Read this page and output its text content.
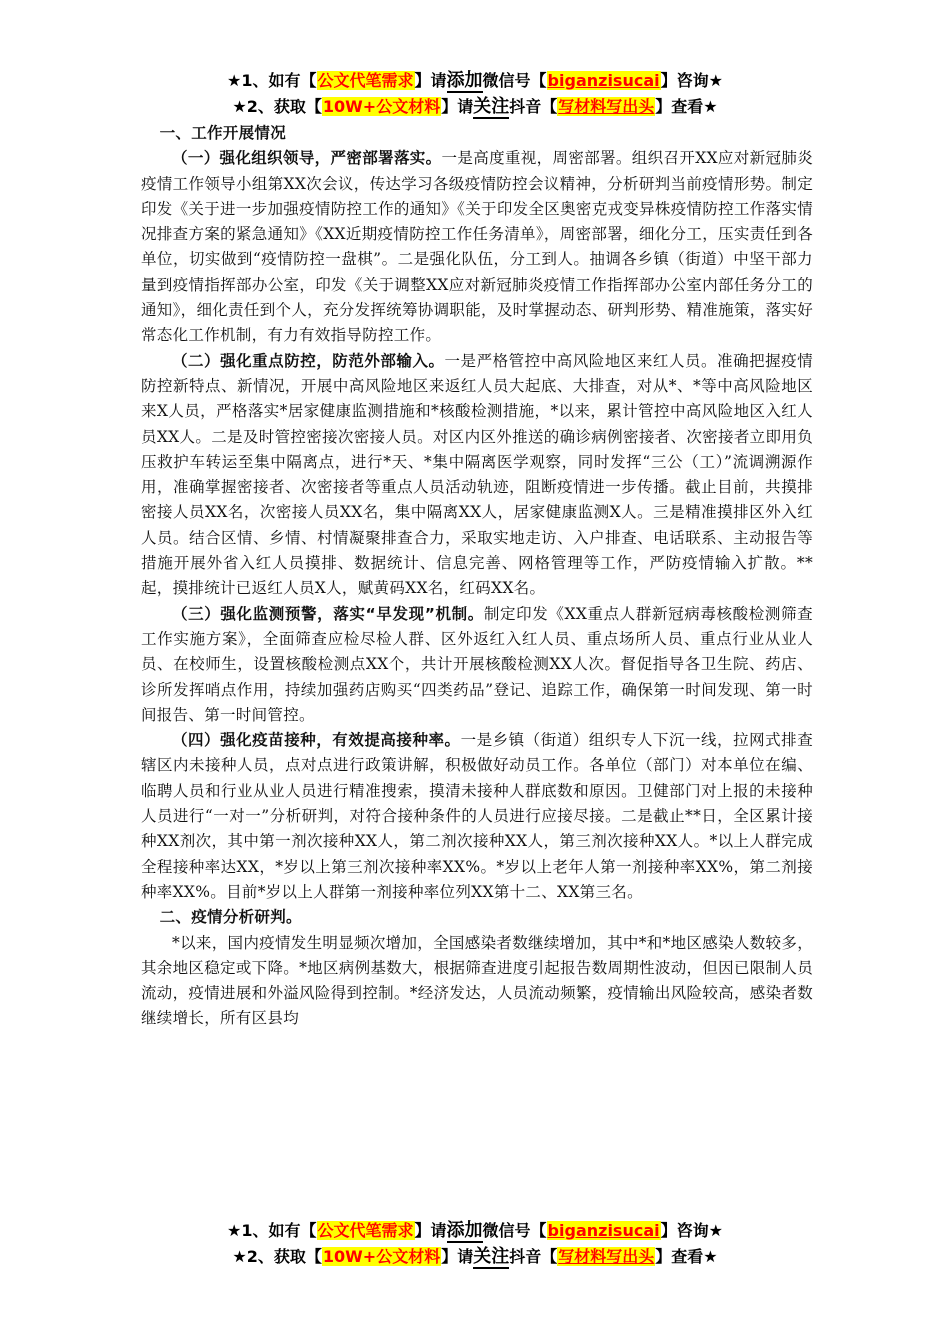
★1、如有【公文代笔需求】请添加微信号【biganzisucai】咨询★
★2、获取【10W+公文材料】请关注抖音【写材料写出头】查看★

一、工作开展情况

（一）强化组织领导，严密部署落实。一是高度重视，周密部署。组织召开XX应对新冠肺炎疫情工作领导小组第XX次会议，传达学习各级疫情防控会议精神，分析研判当前疫情形势。制定印发《关于进一步加强疫情防控工作的通知》《关于印发全区奥密克戎变异株疫情防控工作落实情况排查方案的紧急通知》《XX近期疫情防控工作任务清单》，周密部署，细化分工，压实责任到各单位，切实做到“疫情防控一盘棋”。二是强化队伍，分工到人。抽调各乡镇（街道）中坚干部力量到疫情指挥部办公室，印发《关于调整XX应对新冠肺炎疫情工作指挥部办公室内部任务分工的通知》，细化责任到个人，充分发挥统筹协调职能，及时掌握动态、研判形势、精准施策，落实好常态化工作机制，有力有效指导防控工作。

（二）强化重点防控，防范外部输入。一是严格管控中高风险地区来红人员。准确把握疫情防控新特点、新情况，开展中高风险地区来返红人员大起底、大排查，对从*、*等中高风险地区来X人员，严格落实*居家健康监测措施和*核酸检测措施，*以来，累计管控中高风险地区入红人员XX人。二是及时管控密接次密接人员。对区内区外推送的确诊病例密接者、次密接者立即用负压救护车转运至集中隔离点，进行*天、*集中隔离医学观察，同时发挥“三公（工）”流调溯源作用，准确掌握密接者、次密接者等重点人员活动轨迹，阻断疫情进一步传播。截止目前，共摸排密接人员XX名，次密接人员XX名，集中隔离XX人，居家健康监测X人。三是精准摸排区外入红人员。结合区情、乡情、村情凝聚排查合力，采取实地走访、入户排查、电话联系、主动报告等措施开展外省入红人员摸排、数据统计、信息完善、网格管理等工作，严防疫情输入扩散。**起，摸排统计已返红人员X人，赋黄码XX名，红码XX名。

（三）强化监测预警，落实“早发现”机制。制定印发《XX重点人群新冠病毒核酸检测筛查工作实施方案》，全面筛查应检尽检人群、区外返红入红人员、重点场所人员、重点行业从业人员、在校师生，设置核酸检测点XX个，共计开展核酸检测XX人次。督促指导各卫生院、药店、诊所发挥哨点作用，持续加强药店购买“四类药品”登记、追踪工作，确保第一时间发现、第一时间报告、第一时间管控。

（四）强化疫苗接种，有效提高接种率。一是乡镇（街道）组织专人下沉一线，拉网式排查辖区内未接种人员，点对点进行政策讲解，积极做好动员工作。各单位（部门）对本单位在编、临聘人员和行业从业人员进行精准搜索，摸清未接种人群底数和原因。卫健部门对上报的未接种人员进行“一对一”分析研判，对符合接种条件的人员进行应接尽接。二是截止**日，全区累计接种XX剂次，其中第一剂次接种XX人，第二剂次接种XX人，第三剂次接种XX人。*以上人群完成全程接种率达XX，*岁以上第三剂次接种率XX%。*岁以上老年人第一剂接种率XX%，第二剂接种率XX%。目前*岁以上人群第一剂接种率位列XX第十二、XX第三名。

二、疫情分析研判。

*以来，国内疫情发生明显频次增加，全国感染者数继续增加，其中*和*地区感染人数较多，其余地区稳定或下降。*地区病例基数大，根据筛查进度引起报告数周期性波动，但因已限制人员流动，疫情进展和外溢风险得到控制。*经济发达，人员流动频繁，疫情输出风险较高，感染者数继续增长，所有区县均

★1、如有【公文代笔需求】请添加微信号【biganzisucai】咨询★
★2、获取【10W+公文材料】请关注抖音【写材料写出头】查看★
